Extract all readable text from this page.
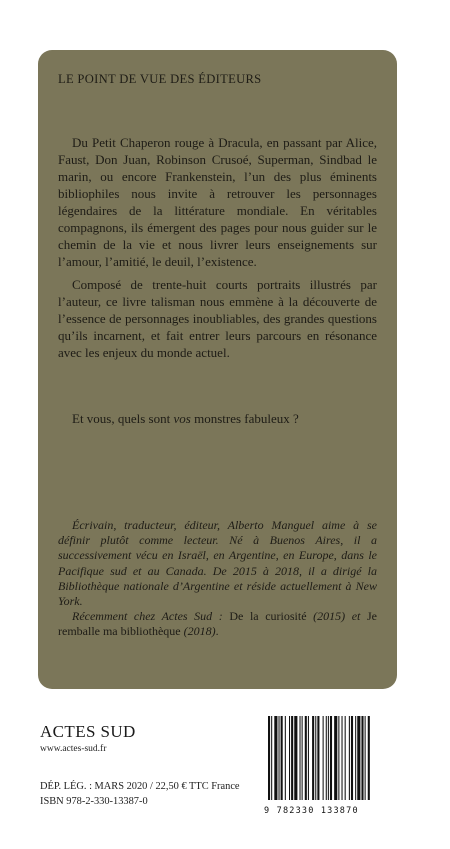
LE POINT DE VUE DES ÉDITEURS

Du Petit Chaperon rouge à Dracula, en passant par Alice, Faust, Don Juan, Robinson Crusoé, Superman, Sindbad le marin, ou encore Frankenstein, l’un des plus éminents bibliophiles nous invite à retrouver les personnages légendaires de la littérature mondiale. En véritables compagnons, ils émergent des pages pour nous guider sur le chemin de la vie et nous livrer leurs enseignements sur l’amour, l’amitié, le deuil, l’existence.

Composé de trente-huit courts portraits illustrés par l’auteur, ce livre talisman nous emmène à la découverte de l’essence de personnages inoubliables, des grandes questions qu’ils incarnent, et fait entrer leurs parcours en résonance avec les enjeux du monde actuel.

Et vous, quels sont vos monstres fabuleux ?

Écrivain, traducteur, éditeur, Alberto Manguel aime à se définir plutôt comme lecteur. Né à Buenos Aires, il a successivement vécu en Israël, en Argentine, en Europe, dans le Pacifique sud et au Canada. De 2015 à 2018, il a dirigé la Bibliothèque nationale d’Argentine et réside actuellement à New York.

Récemment chez Actes Sud : De la curiosité (2015) et Je remballe ma bibliothèque (2018).

ACTES SUD
www.actes-sud.fr
DÉP. LÉG. : MARS 2020 / 22,50 € TTC France
ISBN 978-2-330-13387-0
9 782330 133870
